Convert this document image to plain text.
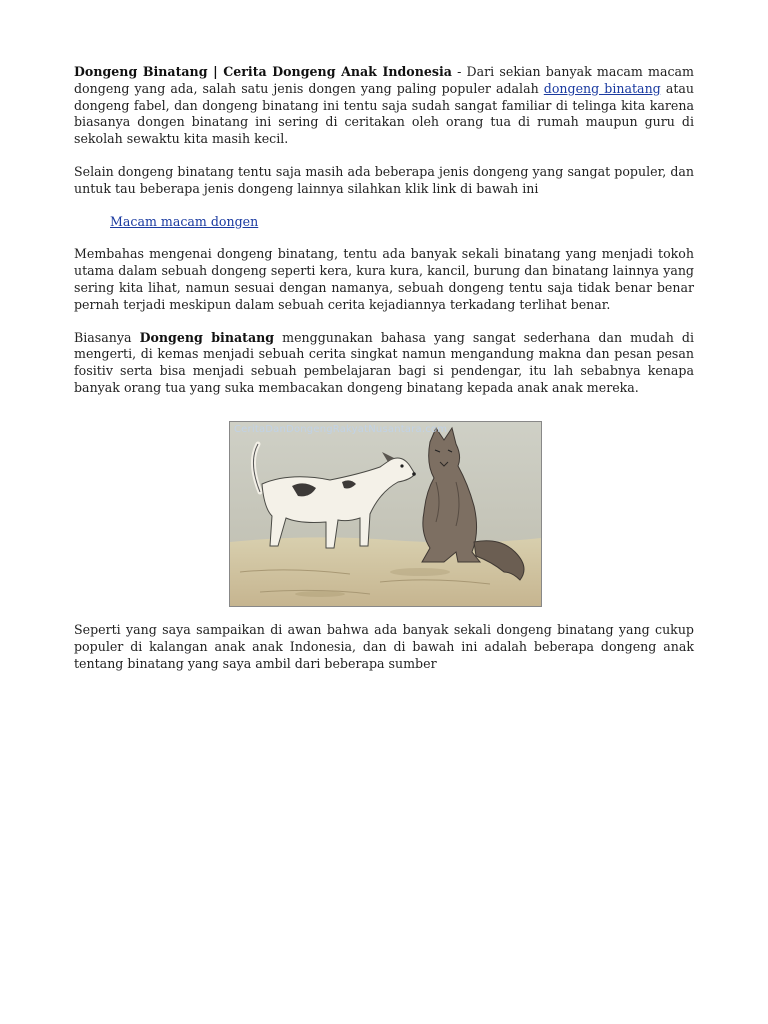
Dongeng Binatang | Cerita Dongeng Anak Indonesia - Dari sekian banyak macam macam dongeng yang ada, salah satu jenis dongen yang paling populer adalah dongeng binatang atau dongeng fabel, dan dongeng binatang ini tentu saja sudah sangat familiar di telinga kita karena biasanya dongen binatang ini sering di ceritakan oleh orang tua di rumah maupun guru di sekolah sewaktu kita masih kecil.

Selain dongeng binatang tentu saja masih ada beberapa jenis dongeng yang sangat populer, dan untuk tau beberapa jenis dongeng lainnya silahkan klik link di bawah ini

Macam macam dongen

Membahas mengenai dongeng binatang, tentu ada banyak sekali binatang yang menjadi tokoh utama dalam sebuah dongeng seperti kera, kura kura, kancil, burung dan binatang lainnya yang sering kita lihat, namun sesuai dengan namanya, sebuah dongeng tentu saja tidak benar benar pernah terjadi meskipun dalam sebuah cerita kejadiannya terkadang terlihat benar.

Biasanya Dongeng binatang menggunakan bahasa yang sangat sederhana dan mudah di mengerti, di kemas menjadi sebuah cerita singkat namun mengandung makna dan pesan pesan fositiv serta bisa menjadi sebuah pembelajaran bagi si pendengar, itu lah sebabnya kenapa banyak orang tua yang suka membacakan dongeng binatang kepada anak anak mereka.

CeritaDanDongengRakyatNusantara.com

Seperti yang saya sampaikan di awan bahwa ada banyak sekali dongeng binatang yang cukup populer di kalangan anak anak Indonesia, dan di bawah ini adalah beberapa dongeng anak tentang binatang yang saya ambil dari beberapa sumber
